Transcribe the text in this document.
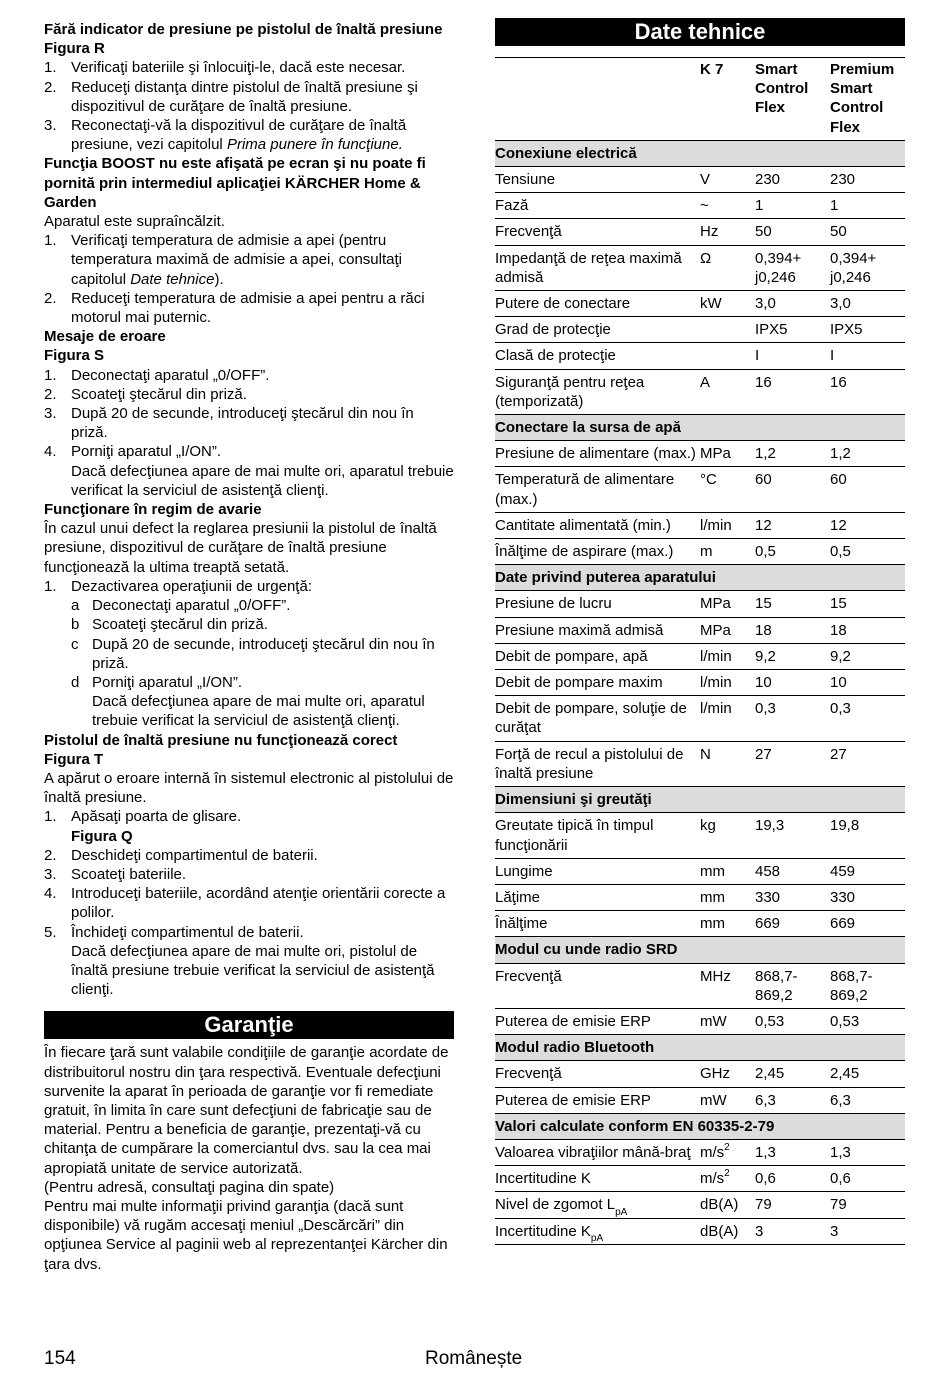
Fără indicator de presiune pe pistolul de înaltă presiune
Figura R
1. Verificaţi bateriile şi înlocuiţi-le, dacă este necesar.
2. Reduceţi distanţa dintre pistolul de înaltă presiune şi dispozitivul de curăţare de înaltă presiune.
3. Reconectaţi-vă la dispozitivul de curăţare de înaltă presiune, vezi capitolul Prima punere în funcţiune.
Funcţia BOOST nu este afişată pe ecran şi nu poate fi pornită prin intermediul aplicaţiei KÄRCHER Home & Garden
Aparatul este supraîncălzit.
1. Verificaţi temperatura de admisie a apei (pentru temperatura maximă de admisie a apei, consultaţi capitolul Date tehnice).
2. Reduceţi temperatura de admisie a apei pentru a răci motorul mai puternic.
Mesaje de eroare
Figura S
1. Deconectaţi aparatul „0/OFF”.
2. Scoateţi ştecărul din priză.
3. După 20 de secunde, introduceţi ştecărul din nou în priză.
4. Porniţi aparatul „I/ON”.
Dacă defecţiunea apare de mai multe ori, aparatul trebuie verificat la serviciul de asistenţă clienţi.
Funcţionare în regim de avarie
În cazul unui defect la reglarea presiunii la pistolul de înaltă presiune, dispozitivul de curăţare de înaltă presiune funcţionează la ultima treaptă setată.
1. Dezactivarea operaţiunii de urgenţă:
a Deconectaţi aparatul „0/OFF”.
b Scoateţi ştecărul din priză.
c După 20 de secunde, introduceţi ştecărul din nou în priză.
d Porniţi aparatul „I/ON”.
Dacă defecţiunea apare de mai multe ori, aparatul trebuie verificat la serviciul de asistenţă clienţi.
Pistolul de înaltă presiune nu funcţionează corect
Figura T
A apărut o eroare internă în sistemul electronic al pistolului de înaltă presiune.
1. Apăsaţi poarta de glisare.
Figura Q
2. Deschideţi compartimentul de baterii.
3. Scoateţi bateriile.
4. Introduceţi bateriile, acordând atenţie orientării corecte a polilor.
5. Închideţi compartimentul de baterii.
Dacă defecţiunea apare de mai multe ori, pistolul de înaltă presiune trebuie verificat la serviciul de asistenţă clienţi.
Garanţie
În fiecare ţară sunt valabile condiţiile de garanţie acordate de distribuitorul nostru din ţara respectivă. Eventuale defecţiuni survenite la aparat în perioada de garanţie vor fi remediate gratuit, în limita în care sunt defecţiuni de fabricaţie sau de material. Pentru a beneficia de garanţie, prezentaţi-vă cu chitanţa de cumpărare la comerciantul dvs. sau la cea mai apropiată unitate de service autorizată.
(Pentru adresă, consultaţi pagina din spate)
Pentru mai multe informaţii privind garanţia (dacă sunt disponibile) vă rugăm accesaţi meniul „Descărcări” din opţiunea Service al paginii web al reprezentanţei Kärcher din ţara dvs.
Date tehnice
	K 7	Smart Control Flex	Premium Smart Control Flex
Conexiune electrică			
Tensiune	V	230	230
Fază	~	1	1
Frecvenţă	Hz	50	50
Impedanţă de reţea maximă admisă	Ω	0,394+ j0,246	0,394+ j0,246
Putere de conectare	kW	3,0	3,0
Grad de protecţie		IPX5	IPX5
Clasă de protecţie		I	I
Siguranţă pentru reţea (temporizată)	A	16	16
Conectare la sursa de apă			
Presiune de alimentare (max.)	MPa	1,2	1,2
Temperatură de alimentare (max.)	°C	60	60
Cantitate alimentată (min.)	l/min	12	12
Înălţime de aspirare (max.)	m	0,5	0,5
Date privind puterea aparatului			
Presiune de lucru	MPa	15	15
Presiune maximă admisă	MPa	18	18
Debit de pompare, apă	l/min	9,2	9,2
Debit de pompare maxim	l/min	10	10
Debit de pompare, soluţie de curăţat	l/min	0,3	0,3
Forţă de recul a pistolului de înaltă presiune	N	27	27
Dimensiuni şi greutăţi			
Greutate tipică în timpul funcţionării	kg	19,3	19,8
Lungime	mm	458	459
Lăţime	mm	330	330
Înălţime	mm	669	669
Modul cu unde radio SRD			
Frecvenţă	MHz	868,7- 869,2	868,7- 869,2
Puterea de emisie ERP	mW	0,53	0,53
Modul radio Bluetooth			
Frecvenţă	GHz	2,45	2,45
Puterea de emisie ERP	mW	6,3	6,3
Valori calculate conform EN 60335-2-79			
Valoarea vibraţiilor mână-braţ	$m/s^2$	1,3	1,3
Incertitudine K	$m/s^2$	0,6	0,6
Nivel de zgomot $L_{pA}$	dB(A)	79	79
Incertitudine $K_{pA}$	dB(A)	3	3
154	Românește
